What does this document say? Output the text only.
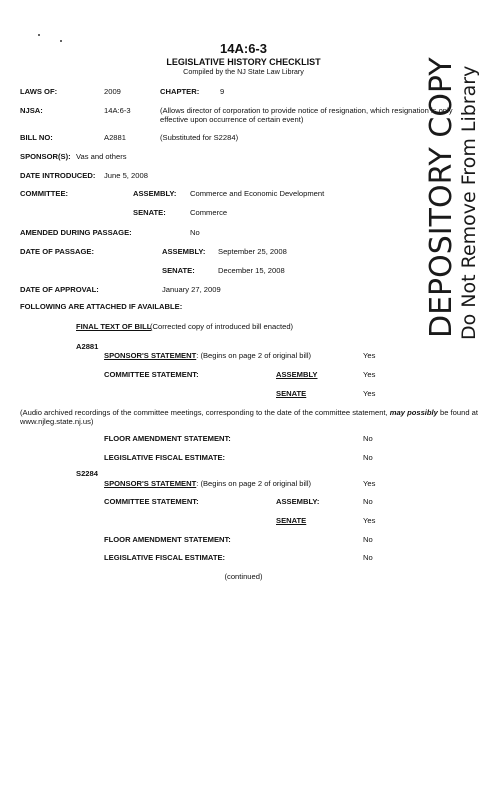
14A:6-3
LEGISLATIVE HISTORY CHECKLIST
Compiled by the NJ State Law Library
LAWS OF:	2009	CHAPTER:	9
NJSA:	14A:6-3	(Allows director of corporation to provide notice of resignation, which resignation is only effective upon occurrence of certain event)
BILL NO:	A2881	(Substituted for S2284)
SPONSOR(S): Vas and others
DATE INTRODUCED: June 5, 2008
COMMITTEE:	ASSEMBLY: Commerce and Economic Development
SENATE:	Commerce
AMENDED DURING PASSAGE:	No
DATE OF PASSAGE:	ASSEMBLY: September 25, 2008
SENATE:	December 15, 2008
DATE OF APPROVAL:	January 27, 2009
FOLLOWING ARE ATTACHED IF AVAILABLE:
FINAL TEXT OF BILL
(Corrected copy of introduced bill enacted)
A2881
SPONSOR'S STATEMENT: (Begins on page 2 of original bill)	Yes
COMMITTEE STATEMENT:	ASSEMBLY	Yes
SENATE	Yes
(Audio archived recordings of the committee meetings, corresponding to the date of the committee statement, may possibly be found at www.njleg.state.nj.us)
FLOOR AMENDMENT STATEMENT:	No
LEGISLATIVE FISCAL ESTIMATE:	No
S2284
SPONSOR'S STATEMENT: (Begins on page 2 of original bill)	Yes
COMMITTEE STATEMENT:	ASSEMBLY:	No
SENATE	Yes
FLOOR AMENDMENT STATEMENT:	No
LEGISLATIVE FISCAL ESTIMATE:	No
(continued)
DEPOSITORY COPY Do Not Remove From Library
